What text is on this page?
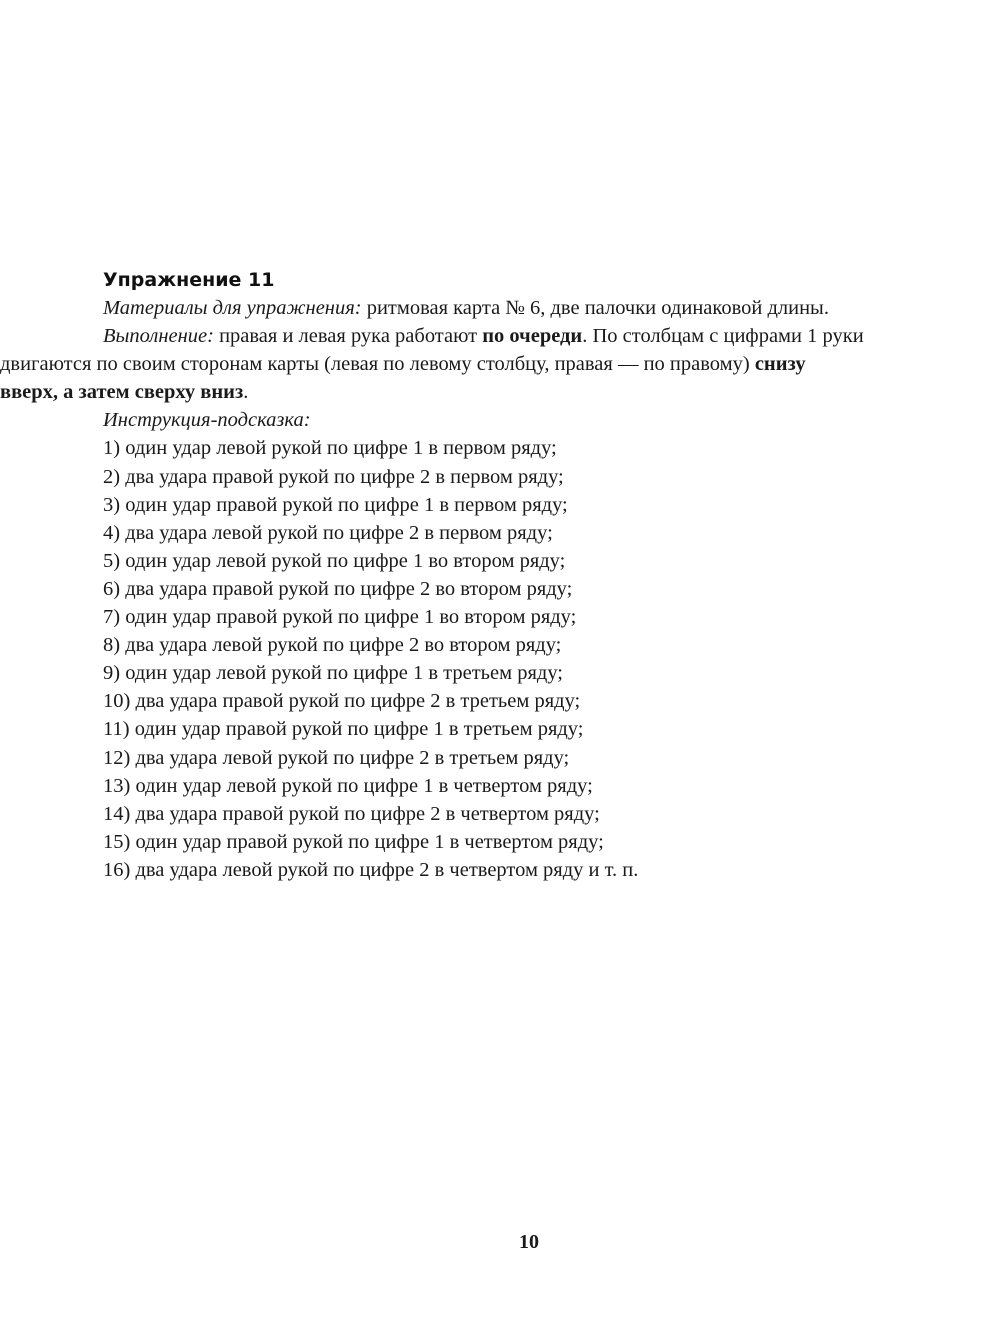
Упражнение 11

Материалы для упражнения: ритмовая карта № 6, две палочки одинаковой длины.

Выполнение: правая и левая рука работают по очереди. По столбцам с цифрами 1 руки

двигаются по своим сторонам карты (левая по левому столбцу, правая — по правому) снизу

вверх, а затем сверху вниз.

Инструкция-подсказка:

1) один удар левой рукой по цифре 1 в первом ряду;
2) два удара правой рукой по цифре 2 в первом ряду;
3) один удар правой рукой по цифре 1 в первом ряду;
4) два удара левой рукой по цифре 2 в первом ряду;
5) один удар левой рукой по цифре 1 во втором ряду;
6) два удара правой рукой по цифре 2 во втором ряду;
7) один удар правой рукой по цифре 1 во втором ряду;
8) два удара левой рукой по цифре 2 во втором ряду;
9) один удар левой рукой по цифре 1 в третьем ряду;
10) два удара правой рукой по цифре 2 в третьем ряду;
11) один удар правой рукой по цифре 1 в третьем ряду;
12) два удара левой рукой по цифре 2 в третьем ряду;
13) один удар левой рукой по цифре 1 в четвертом ряду;
14) два удара правой рукой по цифре 2 в четвертом ряду;
15) один удар правой рукой по цифре 1 в четвертом ряду;
16) два удара левой рукой по цифре 2 в четвертом ряду и т. п.
10
